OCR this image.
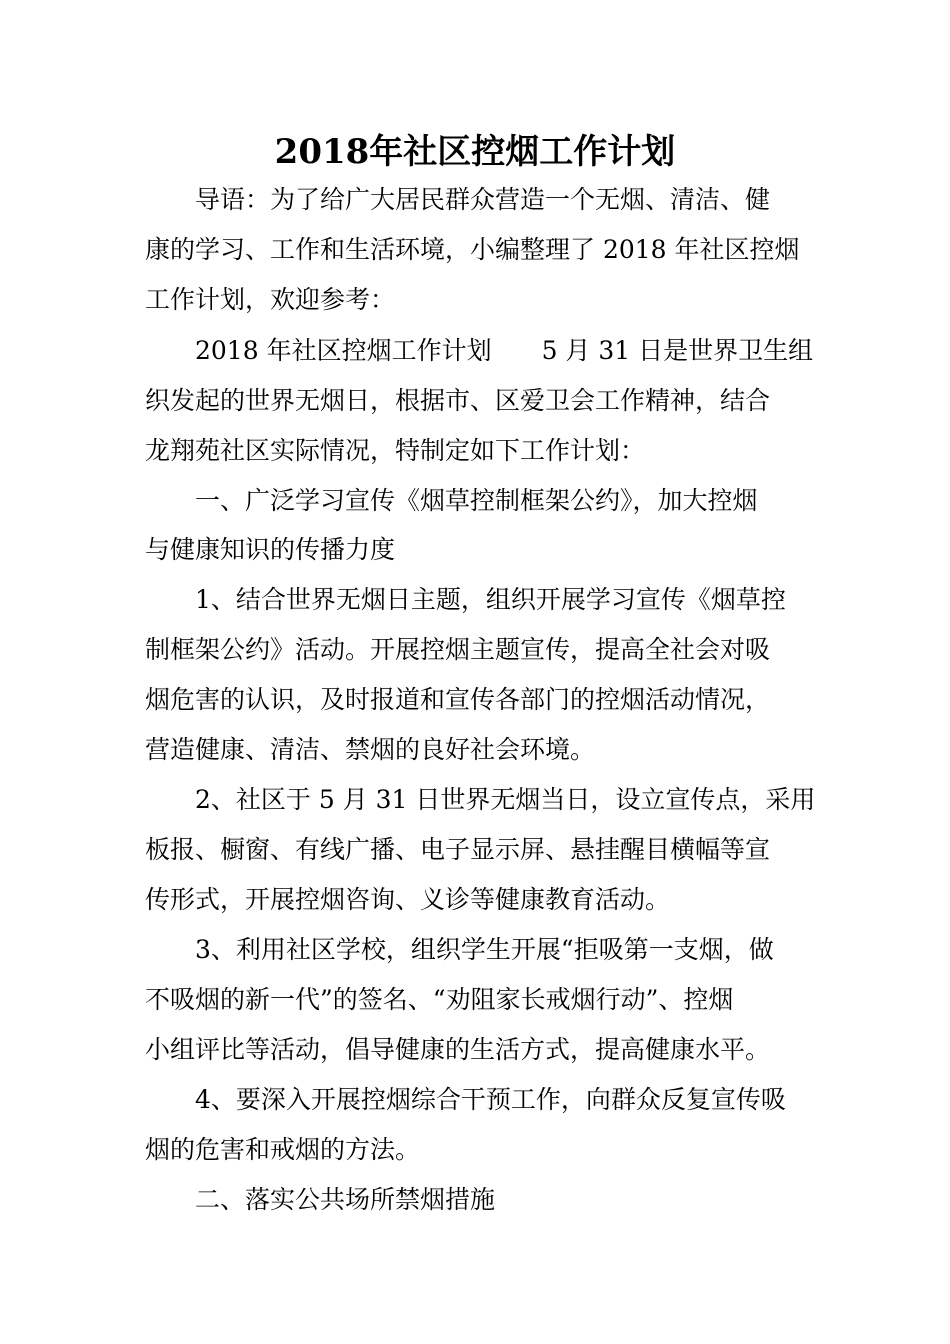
2018年社区控烟工作计划

导语：为了给广大居民群众营造一个无烟、清洁、健

康的学习、工作和生活环境，小编整理了 2018 年社区控烟

工作计划，欢迎参考：

2018 年社区控烟工作计划　　5 月 31 日是世界卫生组

织发起的世界无烟日，根据市、区爱卫会工作精神，结合

龙翔苑社区实际情况，特制定如下工作计划：

一、广泛学习宣传《烟草控制框架公约》，加大控烟

与健康知识的传播力度

1、结合世界无烟日主题，组织开展学习宣传《烟草控

制框架公约》活动。开展控烟主题宣传，提高全社会对吸

烟危害的认识，及时报道和宣传各部门的控烟活动情况，

营造健康、清洁、禁烟的良好社会环境。

2、社区于 5 月 31 日世界无烟当日，设立宣传点，采用

板报、橱窗、有线广播、电子显示屏、悬挂醒目横幅等宣

传形式，开展控烟咨询、义诊等健康教育活动。

3、利用社区学校，组织学生开展“拒吸第一支烟，做

不吸烟的新一代”的签名、“劝阻家长戒烟行动”、控烟

小组评比等活动，倡导健康的生活方式，提高健康水平。

4、要深入开展控烟综合干预工作，向群众反复宣传吸

烟的危害和戒烟的方法。

二、落实公共场所禁烟措施
